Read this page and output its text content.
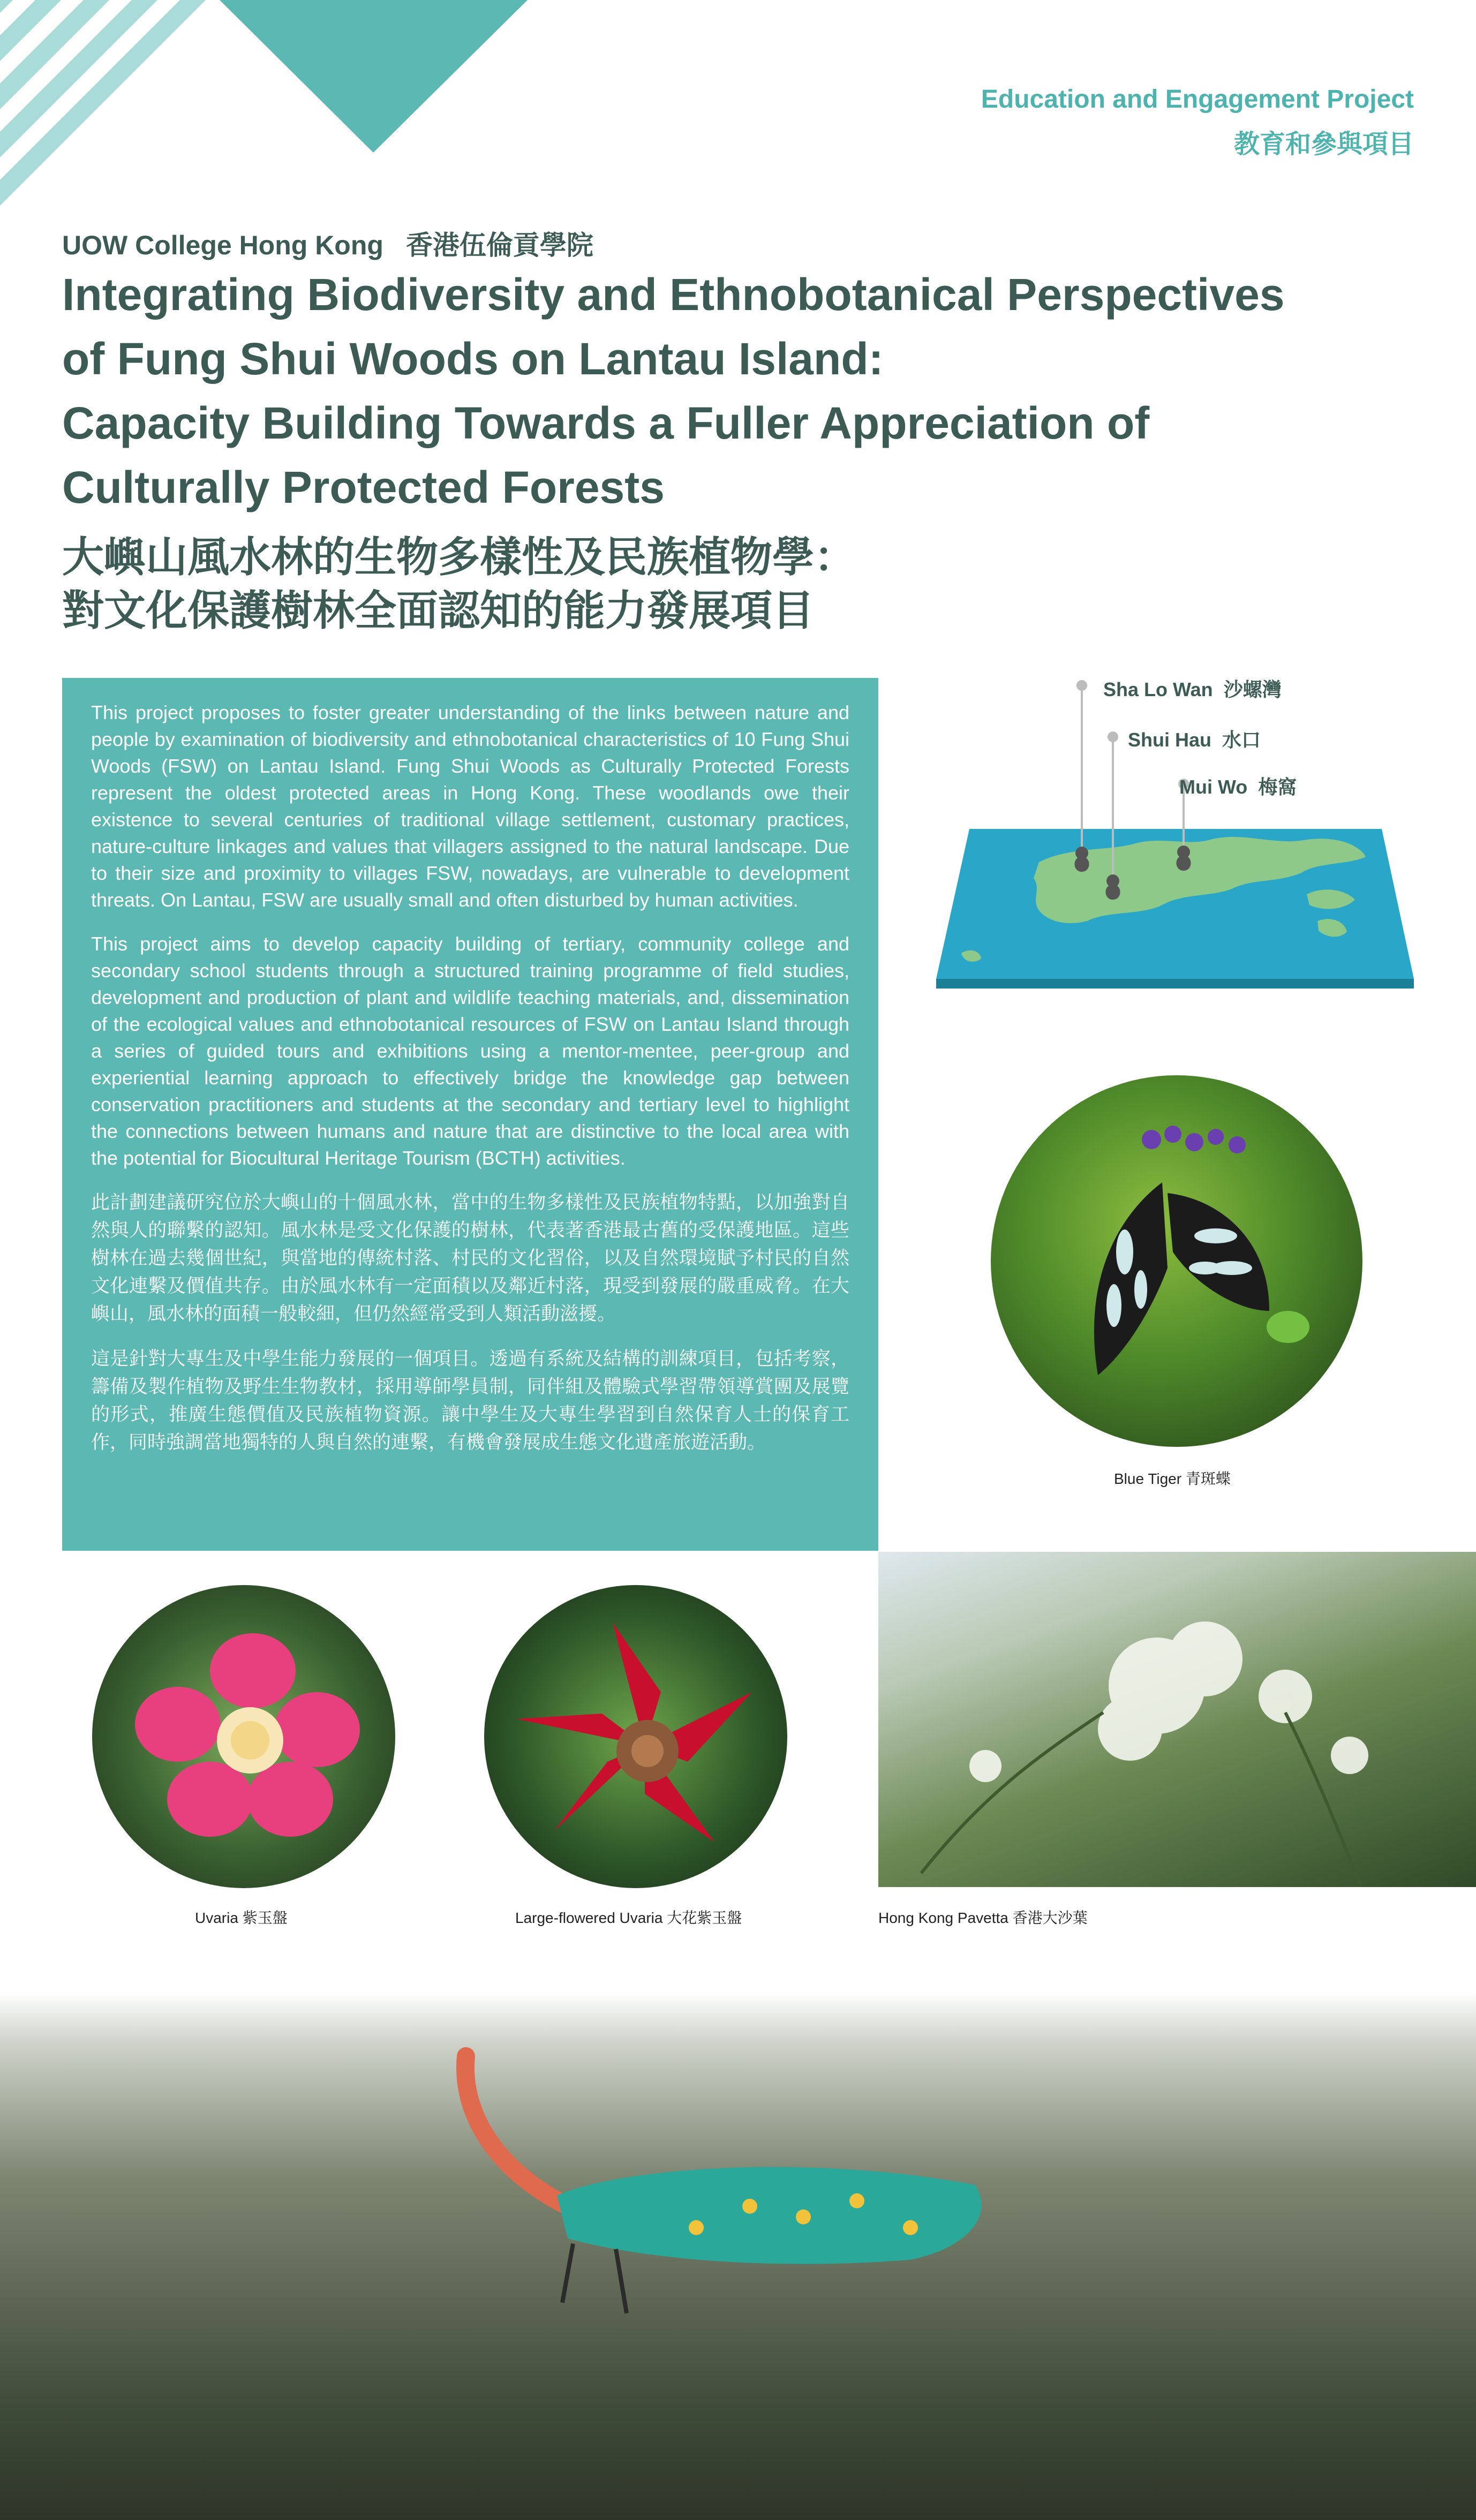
Education and Engagement Project
教育和參與項目
UOW College Hong Kong 香港伍倫貢學院
Integrating Biodiversity and Ethnobotanical Perspectives
of Fung Shui Woods on Lantau Island:
Capacity Building Towards a Fuller Appreciation of
Culturally Protected Forests
大嶼山風水林的生物多樣性及民族植物學：
對文化保護樹林全面認知的能力發展項目

This project proposes to foster greater understanding of the links between nature and people by examination of biodiversity and ethnobotanical characteristics of 10 Fung Shui Woods (FSW) on Lantau Island. Fung Shui Woods as Culturally Protected Forests represent the oldest protected areas in Hong Kong. These woodlands owe their existence to several centuries of traditional village settlement, customary practices, nature-culture linkages and values that villagers assigned to the natural landscape. Due to their size and proximity to villages FSW, nowadays, are vulnerable to development threats. On Lantau, FSW are usually small and often disturbed by human activities.

This project aims to develop capacity building of tertiary, community college and secondary school students through a structured training programme of field studies, development and production of plant and wildlife teaching materials, and, dissemination of the ecological values and ethnobotanical resources of FSW on Lantau Island through a series of guided tours and exhibitions using a mentor-mentee, peer-group and experiential learning approach to effectively bridge the knowledge gap between conservation practitioners and students at the secondary and tertiary level to highlight the connections between humans and nature that are distinctive to the local area with the potential for Biocultural Heritage Tourism (BCTH) activities.

此計劃建議研究位於大嶼山的十個風水林，當中的生物多樣性及民族植物特點，以加強對自然與人的聯繫的認知。風水林是受文化保護的樹林，代表著香港最古舊的受保護地區。這些樹林在過去幾個世紀，與當地的傳統村落、村民的文化習俗，以及自然環境賦予村民的自然文化連繫及價值共存。由於風水林有一定面積以及鄰近村落，現受到發展的嚴重威脅。在大嶼山，風水林的面積一般較細，但仍然經常受到人類活動滋擾。

這是針對大專生及中學生能力發展的一個項目。透過有系統及結構的訓練項目，包括考察，籌備及製作植物及野生生物教材，採用導師學員制，同伴組及體驗式學習帶領導賞團及展覽的形式，推廣生態價值及民族植物資源。讓中學生及大專生學習到自然保育人士的保育工作，同時強調當地獨特的人與自然的連繫，有機會發展成生態文化遺產旅遊活動。

Sha Lo Wan 沙螺灣
Shui Hau 水口
Mui Wo 梅窩
Blue Tiger 青斑蝶
Uvaria 紫玉盤	Large-flowered Uvaria 大花紫玉盤	Hong Kong Pavetta 香港大沙葉
